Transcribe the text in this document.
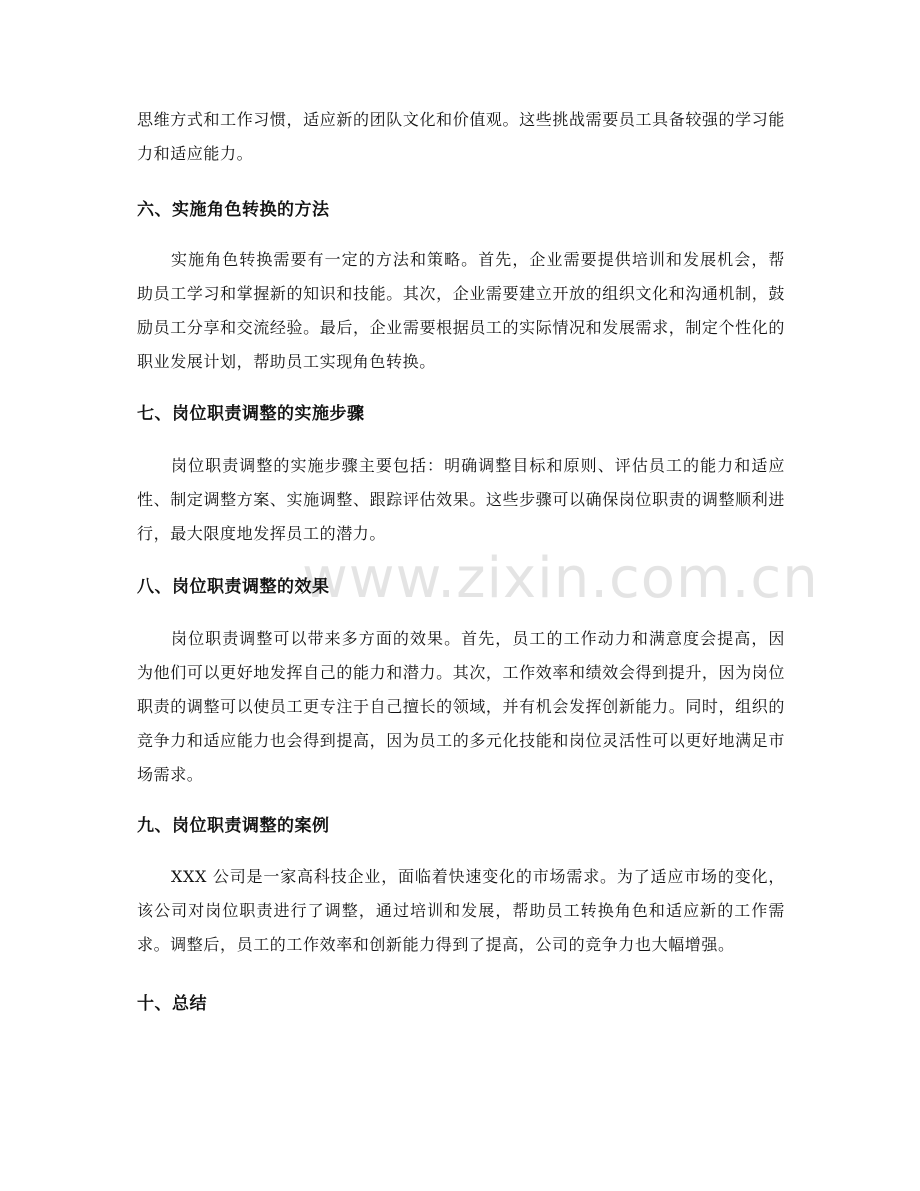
思维方式和工作习惯，适应新的团队文化和价值观。这些挑战需要员工具备较强的学习能力和适应能力。

六、实施角色转换的方法

实施角色转换需要有一定的方法和策略。首先，企业需要提供培训和发展机会，帮助员工学习和掌握新的知识和技能。其次，企业需要建立开放的组织文化和沟通机制，鼓励员工分享和交流经验。最后，企业需要根据员工的实际情况和发展需求，制定个性化的职业发展计划，帮助员工实现角色转换。

七、岗位职责调整的实施步骤

岗位职责调整的实施步骤主要包括：明确调整目标和原则、评估员工的能力和适应性、制定调整方案、实施调整、跟踪评估效果。这些步骤可以确保岗位职责的调整顺利进行，最大限度地发挥员工的潜力。

八、岗位职责调整的效果

岗位职责调整可以带来多方面的效果。首先，员工的工作动力和满意度会提高，因为他们可以更好地发挥自己的能力和潜力。其次，工作效率和绩效会得到提升，因为岗位职责的调整可以使员工更专注于自己擅长的领域，并有机会发挥创新能力。同时，组织的竞争力和适应能力也会得到提高，因为员工的多元化技能和岗位灵活性可以更好地满足市场需求。

九、岗位职责调整的案例

XXX 公司是一家高科技企业，面临着快速变化的市场需求。为了适应市场的变化，该公司对岗位职责进行了调整，通过培训和发展，帮助员工转换角色和适应新的工作需求。调整后，员工的工作效率和创新能力得到了提高，公司的竞争力也大幅增强。

十、总结
www.zixin.com.cn
